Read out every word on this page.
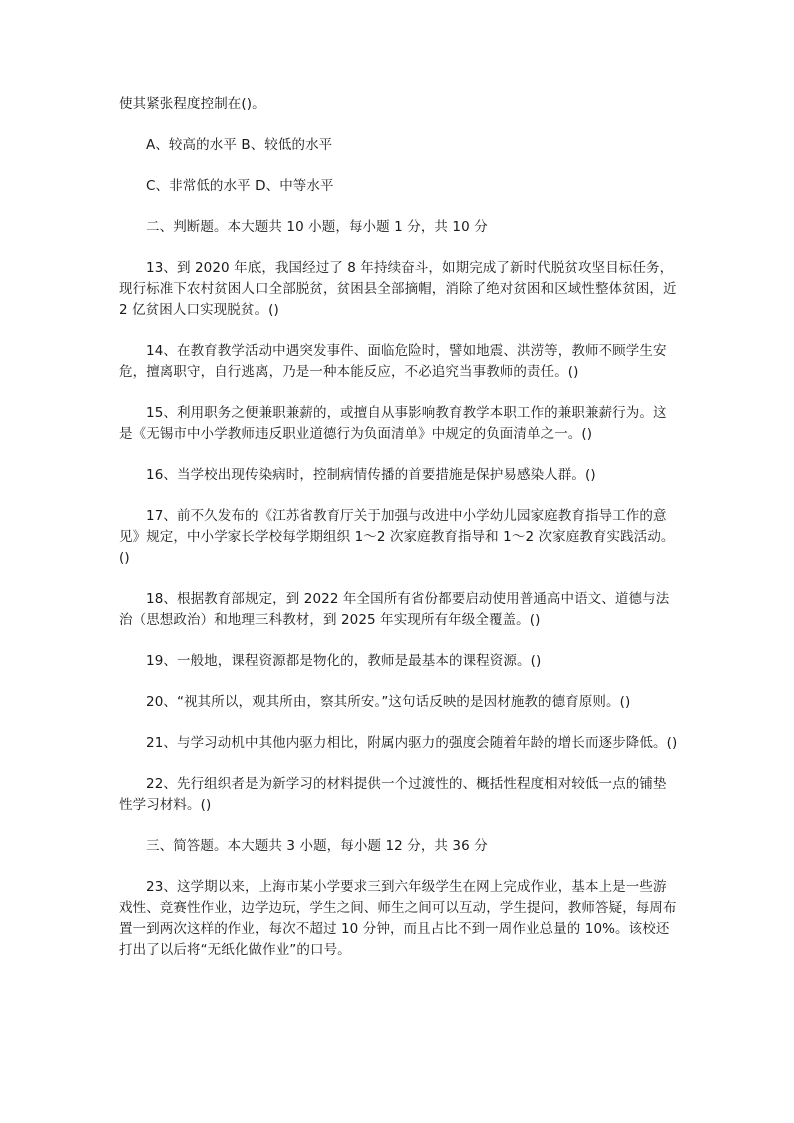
使其紧张程度控制在()。

A、较高的水平 B、较低的水平

C、非常低的水平 D、中等水平

二、判断题。本大题共 10 小题，每小题 1 分，共 10 分

13、到 2020 年底，我国经过了 8 年持续奋斗，如期完成了新时代脱贫攻坚目标任务，现行标准下农村贫困人口全部脱贫，贫困县全部摘帽，消除了绝对贫困和区域性整体贫困，近 2 亿贫困人口实现脱贫。()

14、在教育教学活动中遇突发事件、面临危险时，譬如地震、洪涝等，教师不顾学生安危，擅离职守，自行逃离，乃是一种本能反应，不必追究当事教师的责任。()

15、利用职务之便兼职兼薪的，或擅自从事影响教育教学本职工作的兼职兼薪行为。这是《无锡市中小学教师违反职业道德行为负面清单》中规定的负面清单之一。()

16、当学校出现传染病时，控制病情传播的首要措施是保护易感染人群。()

17、前不久发布的《江苏省教育厅关于加强与改进中小学幼儿园家庭教育指导工作的意见》规定，中小学家长学校每学期组织 1～2 次家庭教育指导和 1～2 次家庭教育实践活动。()

18、根据教育部规定，到 2022 年全国所有省份都要启动使用普通高中语文、道德与法治（思想政治）和地理三科教材，到 2025 年实现所有年级全覆盖。()

19、一般地，课程资源都是物化的，教师是最基本的课程资源。()

20、“视其所以，观其所由，察其所安。”这句话反映的是因材施教的德育原则。()

21、与学习动机中其他内驱力相比，附属内驱力的强度会随着年龄的增长而逐步降低。()

22、先行组织者是为新学习的材料提供一个过渡性的、概括性程度相对较低一点的铺垫性学习材料。()

三、简答题。本大题共 3 小题，每小题 12 分，共 36 分

23、这学期以来，上海市某小学要求三到六年级学生在网上完成作业，基本上是一些游戏性、竞赛性作业，边学边玩，学生之间、师生之间可以互动，学生提问，教师答疑，每周布置一到两次这样的作业，每次不超过 10 分钟，而且占比不到一周作业总量的 10%。该校还打出了以后将“无纸化做作业”的口号。
